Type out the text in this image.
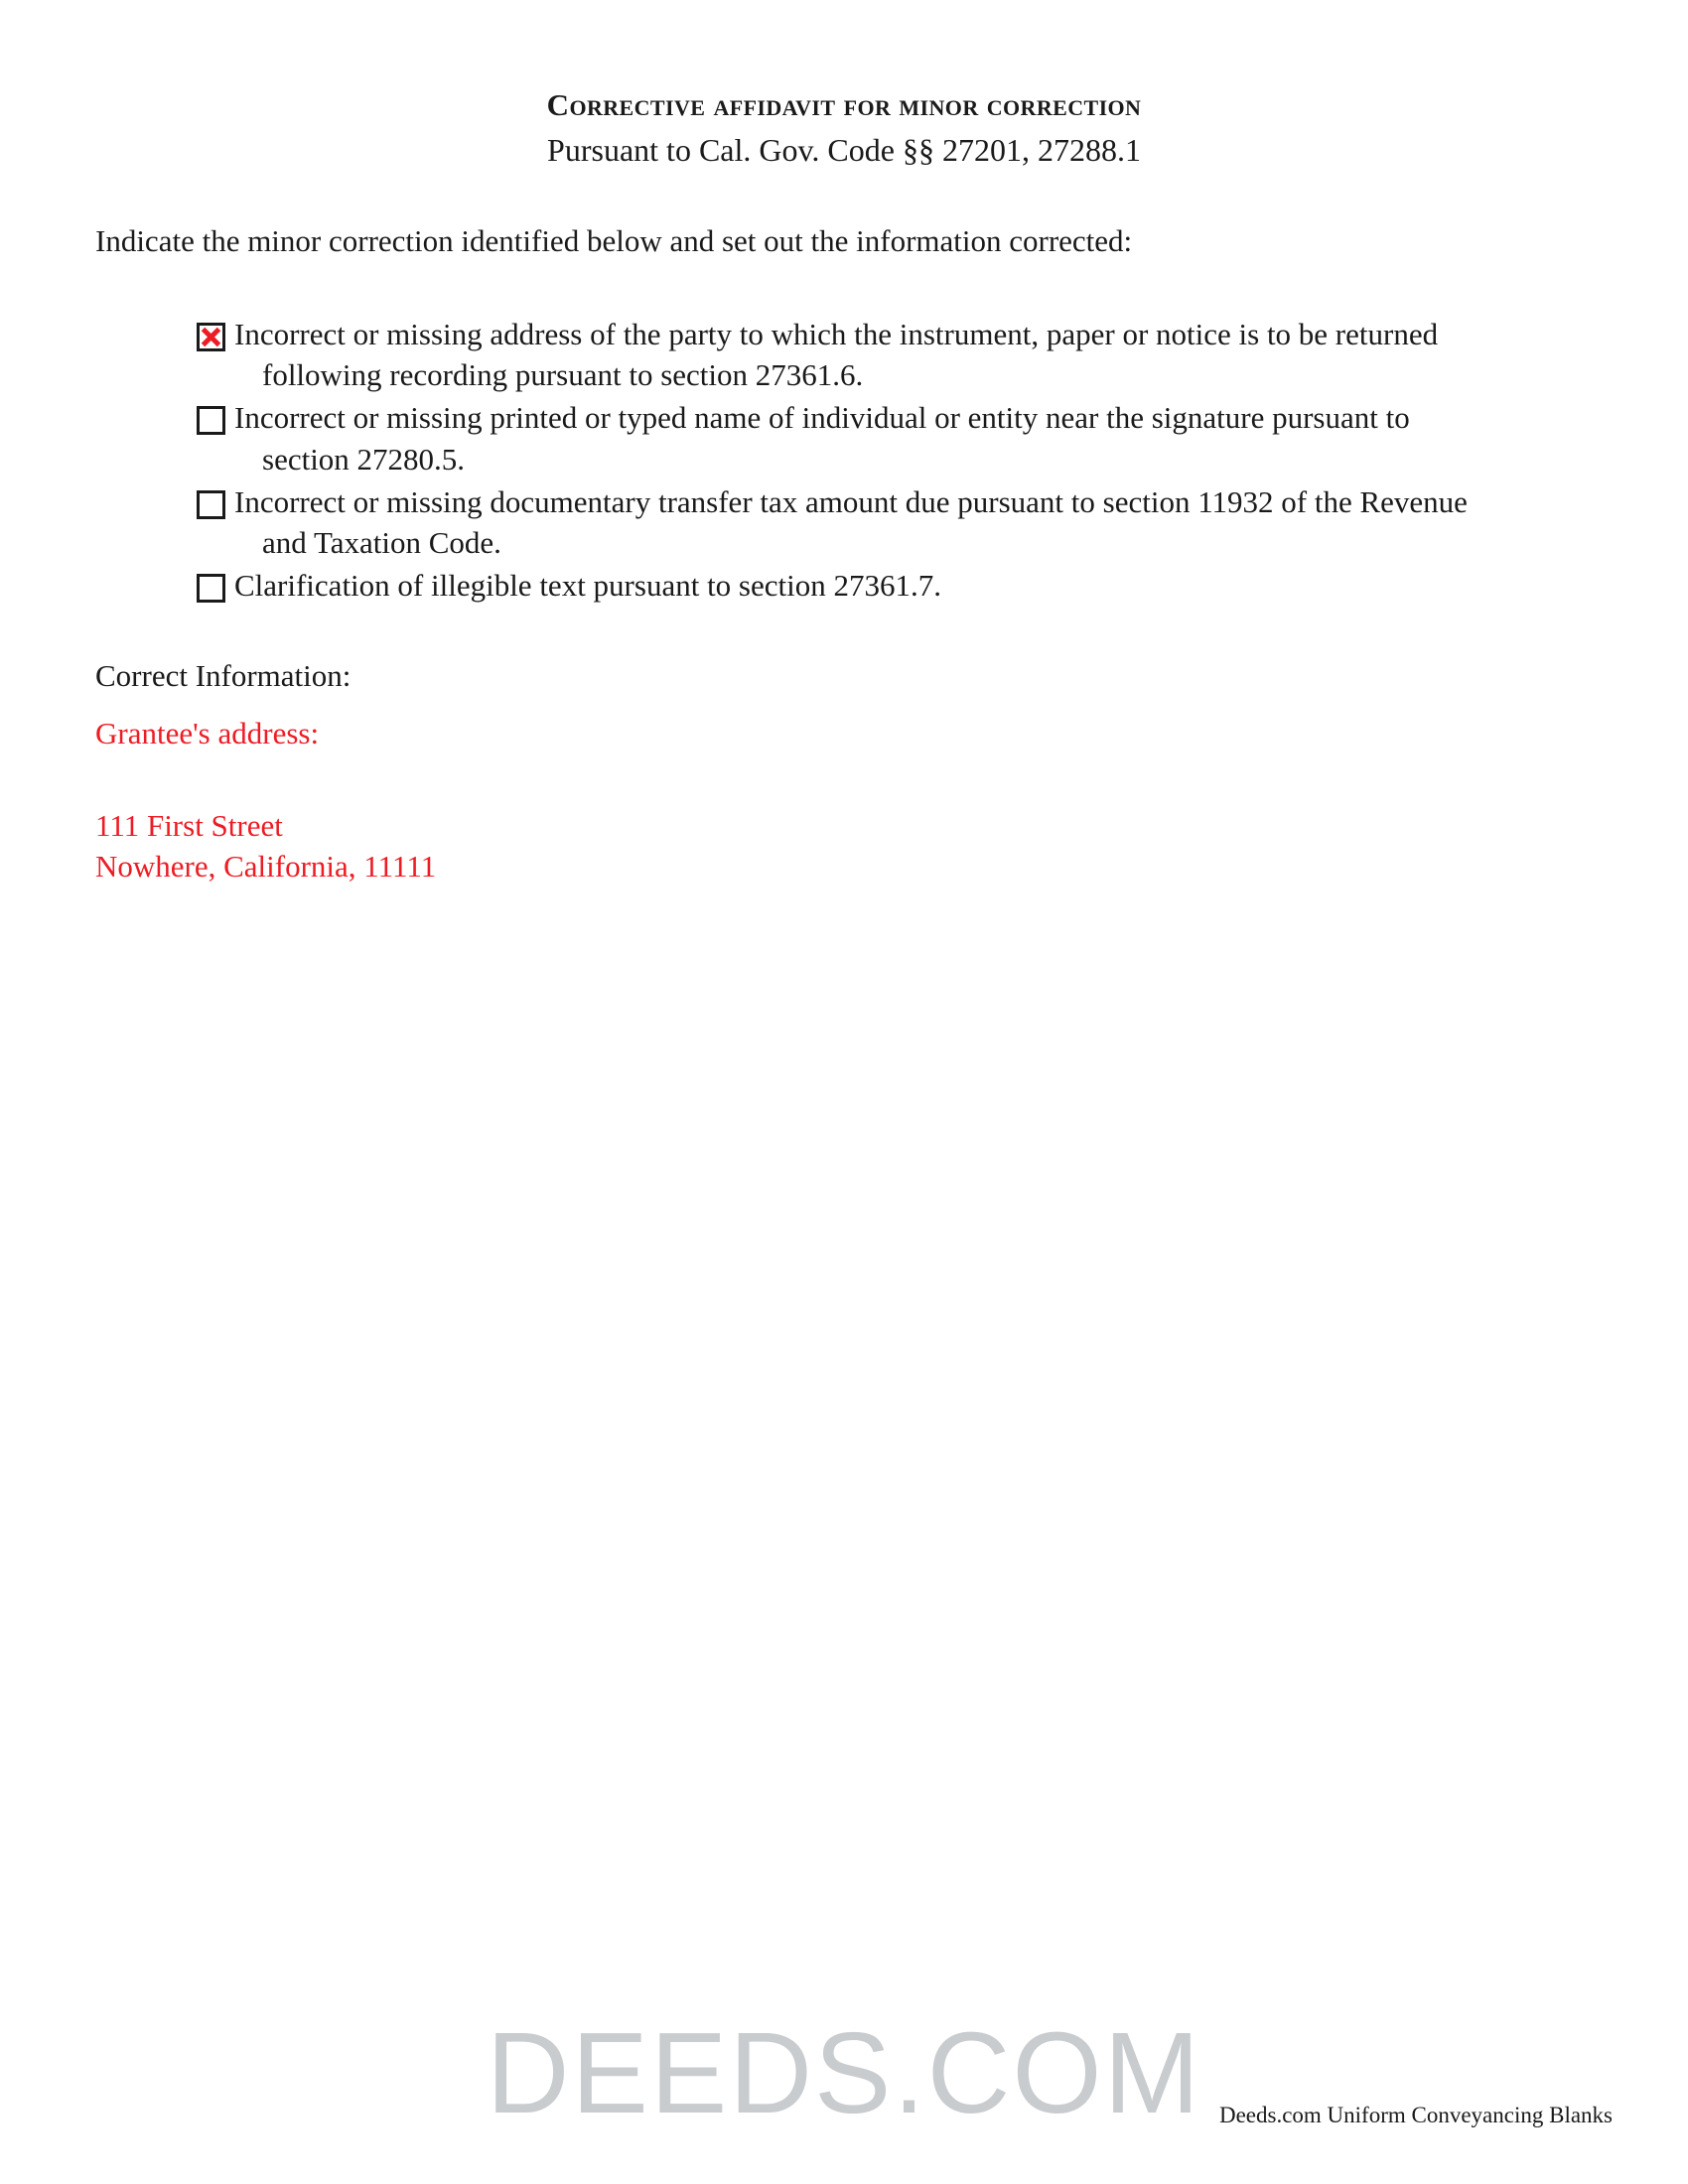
Corrective affidavit for minor correction
Pursuant to Cal. Gov. Code §§ 27201, 27288.1
Indicate the minor correction identified below and set out the information corrected:
Incorrect or missing address of the party to which the instrument, paper or notice is to be returned
following recording pursuant to section 27361.6.
Incorrect or missing printed or typed name of individual or entity near the signature pursuant to
section 27280.5.
Incorrect or missing documentary transfer tax amount due pursuant to section 11932 of the Revenue
and Taxation Code.
Clarification of illegible text pursuant to section 27361.7.
Correct Information:
Grantee's address:
111 First Street
Nowhere, California, 11111
DEEDS.COM Deeds.com Uniform Conveyancing Blanks
